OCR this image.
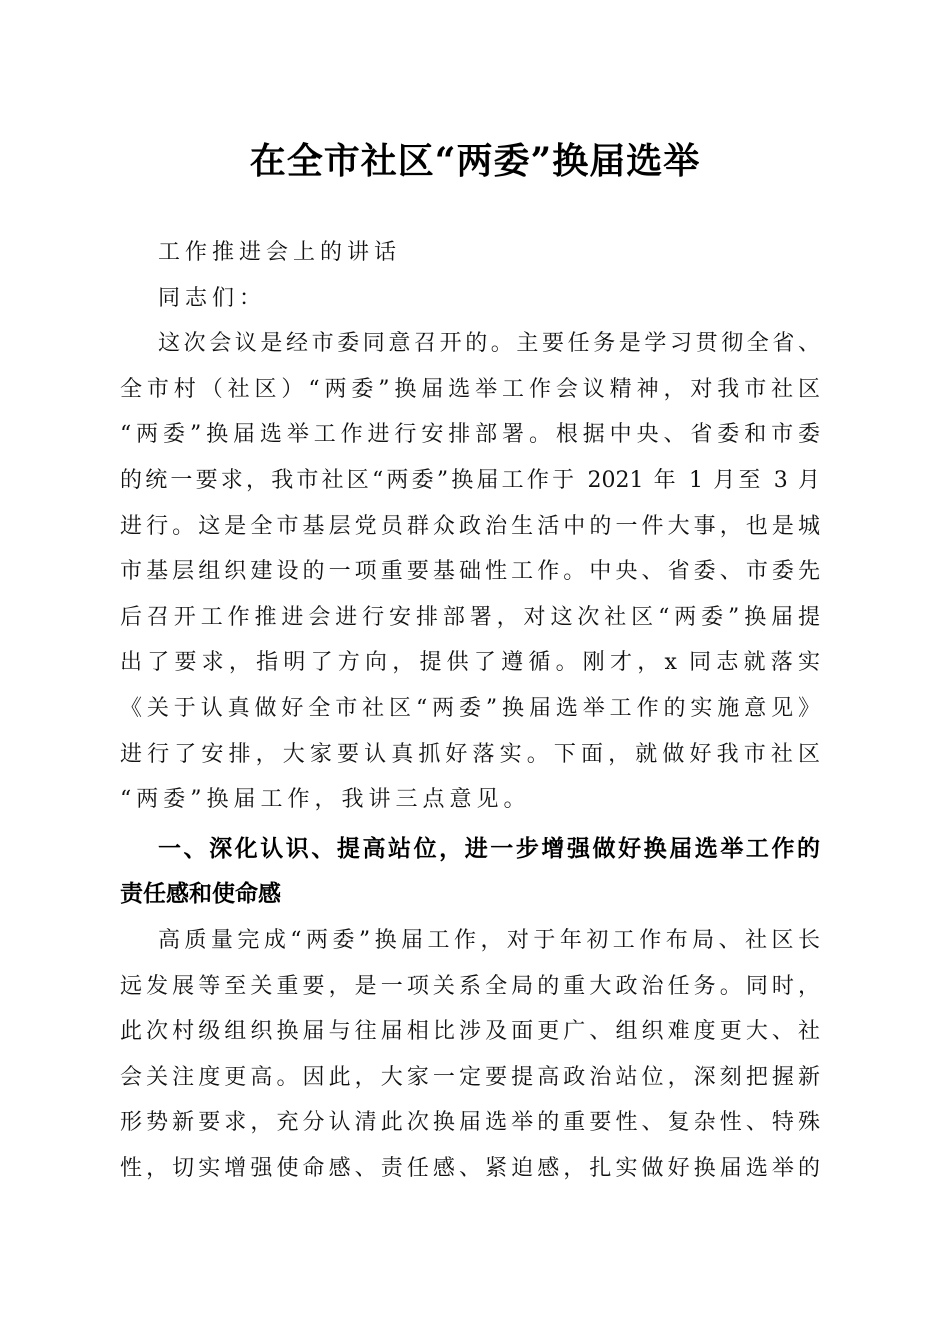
在全市社区“两委”换届选举
工作推进会上的讲话
同志们：
这次会议是经市委同意召开的。主要任务是学习贯彻全省、
全市村（社区）“两委”换届选举工作会议精神，对我市社区
“两委”换届选举工作进行安排部署。根据中央、省委和市委
的统一要求，我市社区“两委”换届工作于 2021 年 1 月至 3 月
进行。这是全市基层党员群众政治生活中的一件大事，也是城
市基层组织建设的一项重要基础性工作。中央、省委、市委先
后召开工作推进会进行安排部署，对这次社区“两委”换届提
出了要求，指明了方向，提供了遵循。刚才，x 同志就落实
《关于认真做好全市社区“两委”换届选举工作的实施意见》
进行了安排，大家要认真抓好落实。下面，就做好我市社区
“两委”换届工作，我讲三点意见。
一、深化认识、提高站位，进一步增强做好换届选举工作的
责任感和使命感
高质量完成“两委”换届工作，对于年初工作布局、社区长
远发展等至关重要，是一项关系全局的重大政治任务。同时，
此次村级组织换届与往届相比涉及面更广、组织难度更大、社
会关注度更高。因此，大家一定要提高政治站位，深刻把握新
形势新要求，充分认清此次换届选举的重要性、复杂性、特殊
性，切实增强使命感、责任感、紧迫感，扎实做好换届选举的
